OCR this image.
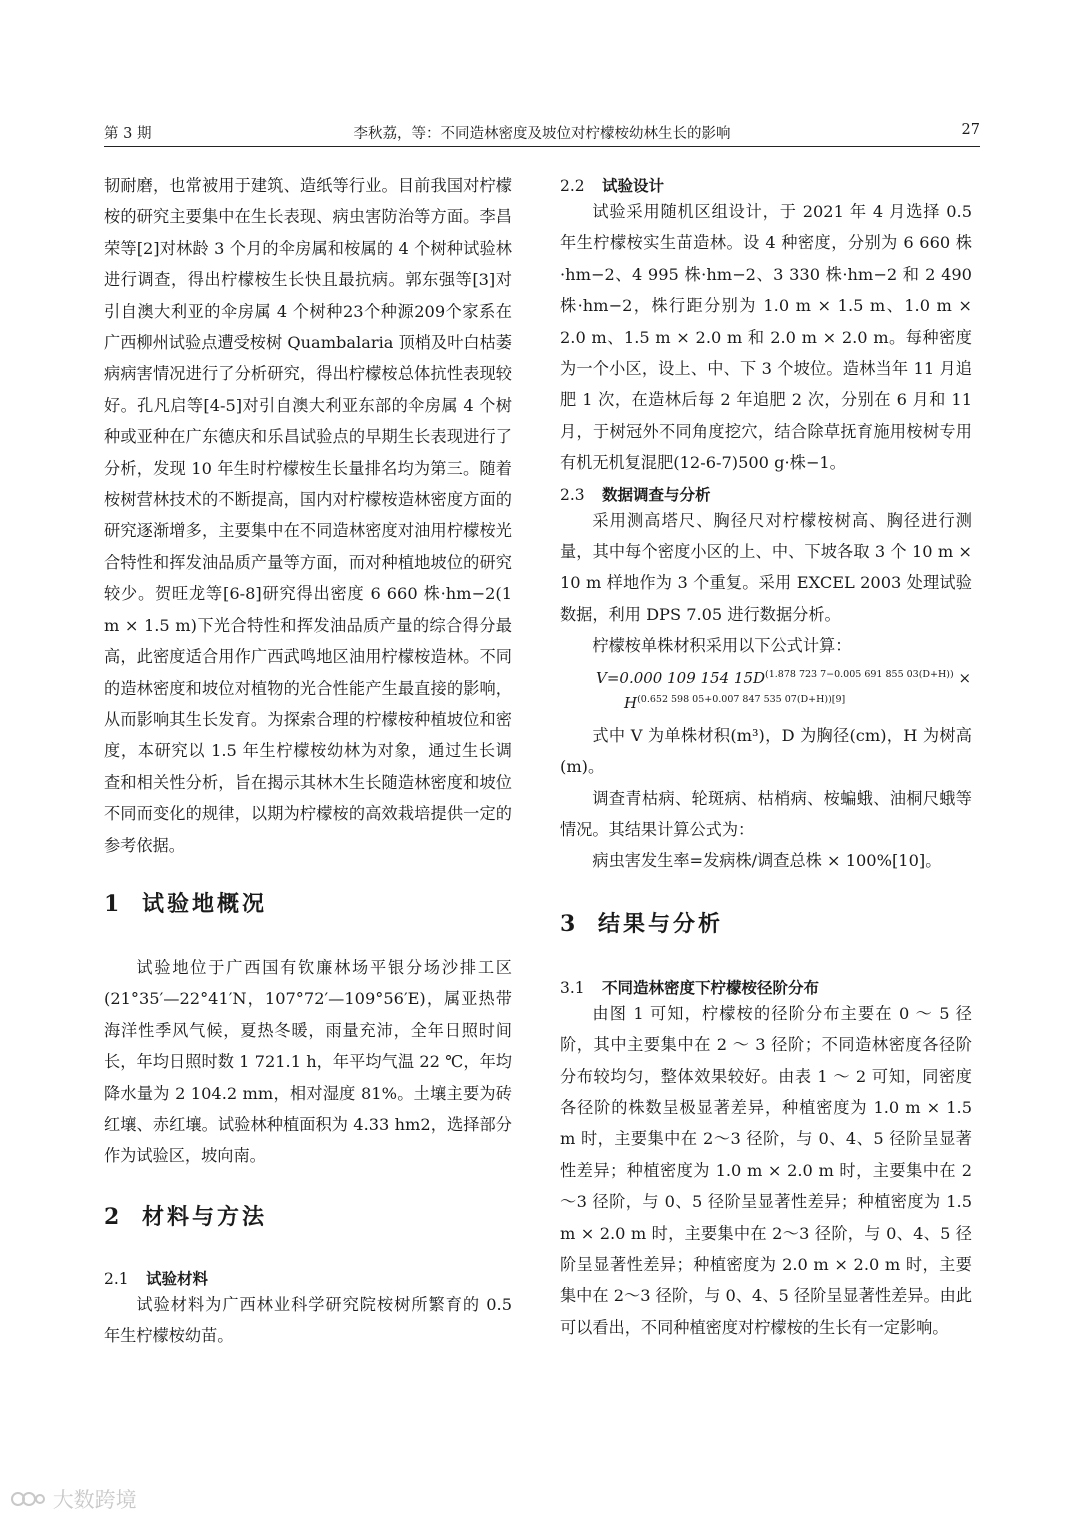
第 3 期	李秋荔，等：不同造林密度及坡位对柠檬桉幼林生长的影响	27

韧耐磨，也常被用于建筑、造纸等行业。目前我国对柠檬桉的研究主要集中在生长表现、病虫害防治等方面。李昌荣等[2]对林龄 3 个月的伞房属和桉属的 4 个树种试验林进行调查，得出柠檬桉生长快且最抗病。郭东强等[3]对引自澳大利亚的伞房属 4 个树种23个种源209个家系在广西柳州试验点遭受桉树 Quambalaria 顶梢及叶白枯萎病病害情况进行了分析研究，得出柠檬桉总体抗性表现较好。孔凡启等[4-5]对引自澳大利亚东部的伞房属 4 个树种或亚种在广东德庆和乐昌试验点的早期生长表现进行了分析，发现 10 年生时柠檬桉生长量排名均为第三。随着桉树营林技术的不断提高，国内对柠檬桉造林密度方面的研究逐渐增多，主要集中在不同造林密度对油用柠檬桉光合特性和挥发油品质产量等方面，而对种植地坡位的研究较少。贺旺龙等[6-8]研究得出密度 6 660 株·hm−2(1 m × 1.5 m)下光合特性和挥发油品质产量的综合得分最高，此密度适合用作广西武鸣地区油用柠檬桉造林。不同的造林密度和坡位对植物的光合性能产生最直接的影响，从而影响其生长发育。为探索合理的柠檬桉种植坡位和密度，本研究以 1.5 年生柠檬桉幼林为对象，通过生长调查和相关性分析，旨在揭示其林木生长随造林密度和坡位不同而变化的规律，以期为柠檬桉的高效栽培提供一定的参考依据。

1 试验地概况

试验地位于广西国有钦廉林场平银分场沙排工区(21°35′—22°41′N，107°72′—109°56′E)，属亚热带海洋性季风气候，夏热冬暖，雨量充沛，全年日照时间长，年均日照时数 1 721.1 h，年平均气温 22 ℃，年均降水量为 2 104.2 mm，相对湿度 81%。土壤主要为砖红壤、赤红壤。试验林种植面积为 4.33 hm2，选择部分作为试验区，坡向南。

2 材料与方法
2.1 试验材料

试验材料为广西林业科学研究院桉树所繁育的 0.5 年生柠檬桉幼苗。

2.2 试验设计

试验采用随机区组设计，于 2021 年 4 月选择 0.5 年生柠檬桉实生苗造林。设 4 种密度，分别为 6 660 株·hm−2、4 995 株·hm−2、3 330 株·hm−2 和 2 490 株·hm−2，株行距分别为 1.0 m × 1.5 m、1.0 m × 2.0 m、1.5 m × 2.0 m 和 2.0 m × 2.0 m。每种密度为一个小区，设上、中、下 3 个坡位。造林当年 11 月追肥 1 次，在造林后每 2 年追肥 2 次，分别在 6 月和 11 月，于树冠外不同角度挖穴，结合除草抚育施用桉树专用有机无机复混肥(12-6-7)500 g·株−1。

2.3 数据调查与分析

采用测高塔尺、胸径尺对柠檬桉树高、胸径进行测量，其中每个密度小区的上、中、下坡各取 3 个 10 m × 10 m 样地作为 3 个重复。采用 EXCEL 2003 处理试验数据，利用 DPS 7.05 进行数据分析。

柠檬桉单株材积采用以下公式计算：

V=0.000 109 154 $15D^{(1.878 723 7-0.005 691 855 03(D+H))}$ ×

$H^{(0.652 598 05+0.007 847 535 07(D+H))[9]}$

式中 V 为单株材积(m³)，D 为胸径(cm)，H 为树高(m)。

调查青枯病、轮斑病、枯梢病、桉蝙蛾、油桐尺蛾等情况。其结果计算公式为：

病虫害发生率=发病株/调查总株 × 100%[10]。

3 结果与分析
3.1 不同造林密度下柠檬桉径阶分布

由图 1 可知，柠檬桉的径阶分布主要在 0 ～ 5 径阶，其中主要集中在 2 ～ 3 径阶；不同造林密度各径阶分布较均匀，整体效果较好。由表 1 ～ 2 可知，同密度各径阶的株数呈极显著差异，种植密度为 1.0 m × 1.5 m 时，主要集中在 2～3 径阶，与 0、4、5 径阶呈显著性差异；种植密度为 1.0 m × 2.0 m 时，主要集中在 2～3 径阶，与 0、5 径阶呈显著性差异；种植密度为 1.5 m × 2.0 m 时，主要集中在 2～3 径阶，与 0、4、5 径阶呈显著性差异；种植密度为 2.0 m × 2.0 m 时，主要集中在 2～3 径阶，与 0、4、5 径阶呈显著性差异。由此可以看出，不同种植密度对柠檬桉的生长有一定影响。

大数跨境
